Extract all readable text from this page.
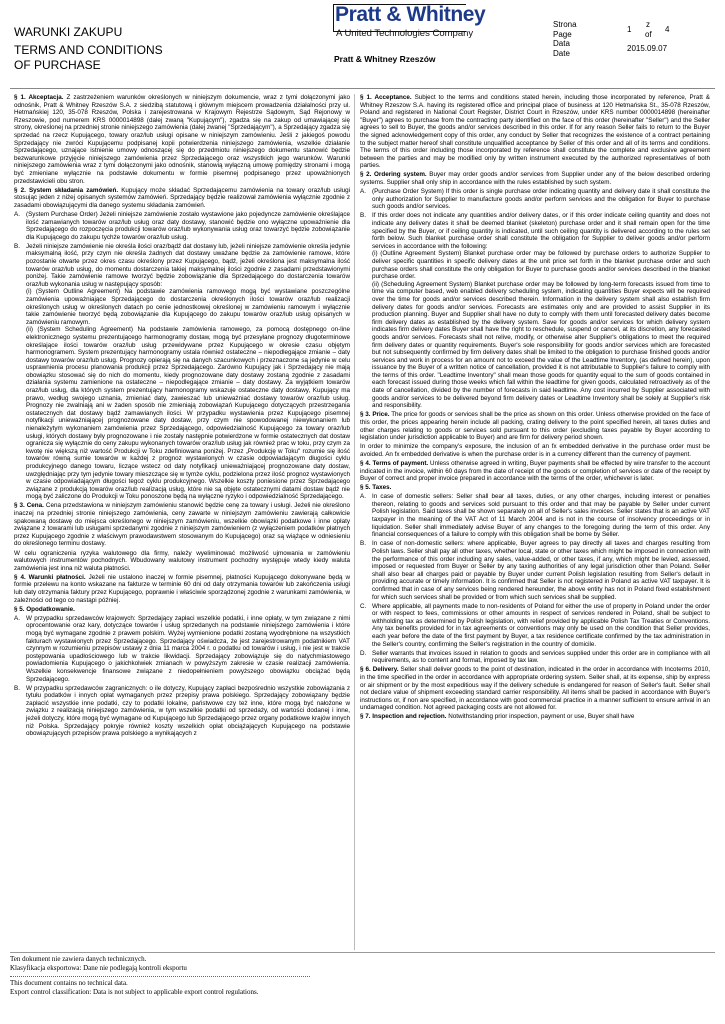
WARUNKI ZAKUPU
TERMS AND CONDITIONS
OF PURCHASE
Pratt & Whitney
A United Technologies Company
Pratt & Whitney Rzeszów
Strona	z
Page	1 of 4
Data
Date	2015.09.07

§ 1. Akceptacja. Z zastrzeżeniem warunków określonych w niniejszym dokumencie, wraz z tymi dołączonymi jako odnośnik, Pratt & Whitney Rzeszów S.A. z siedzibą statutową i głównym miejscem prowadzenia działalności przy ul. Hetmańskiej 120, 35-078 Rzeszów, Polska i zarejestrowana w Krajowym Rejestrze Sądowym, Sąd Rejonowy w Rzeszowie, pod numerem KRS 0000014898 (dalej zwaną "Kupującym"), zgadza się na zakup od umawiającej się strony, określonej na przedniej stronie niniejszego zamówienia (dalej zwanej "Sprzedającym"), a Sprzedający zgadza się sprzedać na rzecz Kupującego, towary oraz/lub usługi opisane w niniejszym zamówieniu. Jeśli z jakiegoś powodu Sprzedający nie zwróci Kupującemu podpisanej kopii potwierdzenia niniejszego zamówienia, wszelkie działanie Sprzedającego, uznające istnienie umowy odnoszącej się do przedmiotu niniejszego dokumentu stanowić będzie bezwarunkowe przyjęcie niniejszego zamówienia przez Sprzedającego oraz wszystkich jego warunków. Warunki niniejszego zamówienia wraz z tymi dołączonymi jako odnośnik, stanowią wyłączną umowę pomiędzy stronami i mogą być zmieniane wyłącznie na podstawie dokumentu w formie pisemnej podpisanego przez upoważnionych przedstawicieli obu stron.

§ 2. System składania zamówień. Kupujący może składać Sprzedającemu zamówienia na towary oraz/lub usługi stosując jeden z niżej opisanych systemów zamówień. Sprzedający będzie realizował zamówienia wyłącznie zgodnie z zasadami obowiązującymi dla danego systemu składania zamówień.

A. (System Purchase Order) Jeżeli niniejsze zamówienie zostało wystawione jako pojedyncze zamówienie określające ilość zamawianych towarów oraz/lub usług oraz daty dostawy, stanowić będzie ono wyłączne upoważnienie dla Sprzedającego do rozpoczęcia produkcji towarów oraz/lub wykonywania usług oraz towarzyć będzie zobowiązanie dla Kupującego do zakupu tychże towarów oraz/lub usług.
B. Jeżeli niniejsze zamówienie nie określa ilości oraz/bądź dat dostawy lub, jeżeli niniejsze zamówienie określa jedynie maksymalną ilość, przy czym nie określa żadnych dat dostawy uważane będzie za zamówienie ramowe, które pozostanie otwarte przez okres czasu określony przez Kupującego, bądź, jeżeli określona jest maksymalna ilość towarów oraz/lub usług, do momentu dostarczenia takiej maksymalnej ilości zgodnie z zasadami przedstawionymi poniżej. Takie zamówienie ramowe tworzyć będzie zobowiązanie dla Sprzedającego do dostarczenia towarów oraz/lub wykonania usług w następujący sposób:
(i) (System Outline Agreement) Na podstawie zamówienia ramowego mogą być wystawiane poszczególne zamówienia upoważniające Sprzedającego do dostarczenia określonych ilości towarów oraz/lub realizacji określonych usług w określonych datach po cenie jednostkowej określonej w zamówieniu ramowym i wyłącznie takie zamówienie tworzyć będą zobowiązanie dla Kupującego do zakupu towarów oraz/lub usług opisanych w zamówieniu ramowym.
(ii) (System Scheduling Agreement) Na podstawie zamówienia ramowego, za pomocą dostępnego on-line elektronicznego systemu prezentującego harmonogramy dostaw, mogą być przesyłane prognozy długoterminowe określające ilości towarów oraz/lub usług przewidywane przez Kupującego w okresie czasu objętym harmonogramem. System prezentujący harmonogramy ustala również ostateczne – niepodlegające zmianie – daty dostawy towarów oraz/lub usług. Prognozy opierają się na danych szacunkowych i przeznaczone są jedynie w celu usprawnienia procesu planowania produkcji przez Sprzedającego. Zarówno Kupujący jak i Sprzedający nie mają obowiązku stosować się do nich do momentu, kiedy prognozowane daty dostawy zostaną zgodnie z zasadami działania systemu zamienione na ostateczne – niepodlegające zmianie – daty dostawy. Za wyjątkiem towarów oraz/lub usług, dla których system prezentujący harmonogramy wskazuje ostateczne daty dostawy, Kupujący ma prawo, według swojego uznania, zmieniać daty, zawieszać lub unieważniać dostawy towarów oraz/lub usług. Prognozy nie zwalniają ani w żaden sposób nie zmieniają zobowiązań Kupującego dotyczących przestrzegania ostatecznych dat dostawy bądź zamawianych ilości. W przypadku wystawienia przez Kupującego pisemnej notyfikacji unieważniającej prognozowane daty dostaw, przy czym nie spowodowanej niewykonaniem lub nienależytym wykonaniem zamówienia przez Sprzedającego, odpowiedzialność Kupującego za towary oraz/lub usługi, których dostawy były prognozowane i nie zostały następnie potwierdzone w formie ostatecznych dat dostaw ogranicza się wyłącznie do ceny zakupu wykonanych towarów oraz/lub usług jak również prac w toku, przy czym za kwotę nie większą niż wartość Produkcji w Toku zdefiniowana poniżej. Przez „Produkcję w Toku" rozumie się ilość towarów równą sumie towarów w każdej z prognoz wystawionych w czasie odpowiadającym długości cyklu produkcyjnego danego towaru, liczące wstecz od daty notyfikacji unieważniającej prognozowane daty dostaw, uwzględniając przy tym jedynie towary mieszczące się w tymże cyklu, podzielona przez ilość prognoz wystawionych w czasie odpowiadającym długości tegoż cyklu produkcyjnego. Wszelkie koszty poniesione przez Sprzedającego związane z produkcją towarów oraz/lub realizacją usług, które nie są objęte ostatecznymi datami dostaw bądź nie mogą być zaliczone do Produkcji w Toku ponoszone będą na wyłączne ryzyko i odpowiedzialność Sprzedającego.

§ 3. Cena. Cena przedstawiona w niniejszym zamówieniu stanowić będzie cenę za towary i usługi. Jeżeli nie określono inaczej na przedniej stronie niniejszego zamówienia, ceny zawarte w niniejszym zamówieniu zawierają całkowicie spakowaną dostawę do miejsca określonego w niniejszym zamówieniu, wszelkie obowiązki podatkowe i inne opłaty związane z towarami lub usługami sprzedanymi zgodnie z niniejszym zamówieniem (z wyłączeniem podatków płatnych przez Kupującego zgodnie z właściwym prawodawstwem stosowanym do Kupującego) oraz są wiążące w odniesieniu do określonego terminu dostawy.

W celu ograniczenia ryzyka walutowego dla firmy, należy wyeliminować możliwość ujmowania w zamówieniu walutowych instrumentów pochodnych. Wbudowany walutowy instrument pochodny występuje wtedy kiedy waluta zamówienia jest inna niż waluta płatności.

§ 4. Warunki płatności. Jeżeli nie ustalono inaczej w formie pisemnej, płatności Kupującego dokonywane będą w formie przelewu na konto wskazane na fakturze w terminie 60 dni od daty otrzymania towarów lub zakończenia usługi lub daty otrzymania faktury przez Kupującego, poprawnie i właściwie sporządzonej zgodnie z warunkami zamówienia, w zależności od tego co nastąpi później.

§ 5. Opodatkowanie.

A. W przypadku sprzedawców krajowych: Sprzedający zapłaci wszelkie podatki, i inne opłaty, w tym związane z nimi oprocentowanie oraz kary, dotyczące towarów i usług sprzedanych na podstawie niniejszego zamówienia i które mogą być wymagane zgodnie z prawem polskim. Wyżej wymienione podatki zostaną wyodrębnione na wszystkich fakturach wystawionych przez Sprzedającego. Sprzedający oświadcza, że jest zarejestrowanym podatnikiem VAT czynnym w rozumieniu przepisów ustawy z dnia 11 marca 2004 r. o podatku od towarów i usług, i nie jest w trakcie postępowania upadłościowego lub w trakcie likwidacji. Sprzedający zobowiązuje się do natychmiastowego powiadomienia Kupującego o jakichkolwiek zmianach w powyższym zakresie w czasie realizacji zamówienia. Wszelkie konsekwencje finansowe związane z niedopełnieniem powyższego obowiązku obciążać będą Sprzedającego.
B. W przypadku sprzedawców zagranicznych: o ile dotyczy, Kupujący zapłaci bezpośrednio wszystkie zobowiązania z tytułu podatków i innych opłat wymaganych przez przepisy prawa polskiego. Sprzedający zobowiązany będzie zapłacić wszystkie inne podatki, czy to podatki lokalne, państwowe czy też inne, które mogą być nałożone w związku z realizacją niniejszego zamówienia, w tym wszelkie podatki od sprzedaży, od wartości dodanej i inne, jeżeli dotyczy, które mogą być wymagane od Kupującego lub Sprzedającego przez organy podatkowe krajów innych niż Polska. Sprzedający pokryje również koszty wszelkich opłat obciążających Kupującego na podstawie obowiązujących przepisów prawa polskiego a wynikających z

§ 1. Acceptance. Subject to the terms and conditions stated herein, including those incorporated by reference, Pratt & Whitney Rzeszow S.A. having its registered office and principal place of business at 120 Hetmańska St., 35-078 Rzeszów, Poland and registered in National Court Register, District Court in Rzeszów, under KRS number 0000014898 (hereinafter "Buyer") agrees to purchase from the contracting party identified on the face of this order (hereinafter "Seller") and the Seller agrees to sell to Buyer, the goods and/or services described in this order. If for any reason Seller fails to return to the Buyer the signed acknowledgement copy of this order, any conduct by Seller that recognizes the existence of a contract pertaining to the subject matter hereof shall constitute unqualified acceptance by Seller of this order and all of its terms and conditions. The terms of this order including those incorporated by reference shall constitute the complete and exclusive agreement between the parties and may be modified only by written instrument executed by the authorized representatives of both parties.

§ 2. Ordering system. Buyer may order goods and/or services from Supplier under any of the below described ordering systems. Supplier shall only ship in accordance with the rules established by such system.

A. (Purchase Order System) If this order is single purchase order indicating quantity and delivery date it shall constitute the only authorization for Supplier to manufacture goods and/or perform services and the obligation for Buyer to purchase such goods and/or services.
B. If this order does not indicate any quantities and/or delivery dates, or if this order indicate ceiling quantity and does not indicate any delivery dates it shall be deemed blanket (skeleton) purchase order and it shall remain open for the time specified by the Buyer, or if ceiling quantity is indicated, until such ceiling quantity is delivered according to the rules set forth below. Such blanket purchase order shall constitute the obligation for Supplier to deliver goods and/or perform services in accordance with the following:
(i) (Outline Agreement System) Blanket purchase order may be followed by purchase orders to authorize Supplier to deliver specific quantities in specific delivery dates at the unit price set forth in the blanket purchase order and such purchase orders shall constitute the only obligation for Buyer to purchase goods and/or services described in the blanket purchase order.
(ii) (Scheduling Agreement System) Blanket purchase order may be followed by long-term forecasts issued from time to time via computer based, web enabled delivery scheduling system, indicating quantities Buyer expects will be required over the time for goods and/or services described therein. Information in the delivery system shall also establish firm delivery dates for goods and/or services. Forecasts are estimates only and are provided to assist Supplier in its production planning. Buyer and Supplier shall have no duty to comply with them until forecasted delivery dates become firm delivery dates as established by the delivery system. Save for goods and/or services for which delivery system indicates firm delivery dates Buyer shall have the right to reschedule, suspend or cancel, at its discretion, any forecasted goods and/or services. Forecasts shall not relive, modify, or otherwise alter Supplier's obligations to meet the required firm delivery dates or quantity requirements. Buyer's sole responsibility for goods and/or services which are forecasted but not subsequently confirmed by firm delivery dates shall be limited to the obligation to purchase finished goods and/or services and work in process for an amount not to exceed the value of the Leadtime Inventory, (as defined herein), upon issuance by the Buyer of a written notice of cancellation, provided it is not attributable to Supplier's failure to comply with the terms of this order. "Leadtime Inventory" shall mean those goods for quantity equal to the sum of goods contained in each forecast issued during those weeks which fall within the leadtime for given goods, calculated retroactively as of the date of cancellation, divided by the number of forecasts in said leadtime. Any cost incurred by Supplier associated with goods and/or services to be delivered beyond firm delivery dates or Leadtime Inventory shall be solely at Supplier's risk and responsibility.

§ 3. Price. The price for goods or services shall be the price as shown on this order. Unless otherwise provided on the face of this order, the prices appearing herein include all packing, crating delivery to the point specified herein, all taxes duties and other charges relating to goods or services sold pursuant to this order (excluding taxes payable by Buyer according to legislation under jurisdiction applicable to Buyer) and are firm for delivery period shown.

In order to minimize the company's exposure, the inclusion of an fx embedded derivative in the purchase order must be avoided. An fx embedded derivative is when the purchase order is in a currency different than the currency of payment.

§ 4. Terms of payment. Unless otherwise agreed in writing, Buyer payments shall be effected by wire transfer to the account indicated in the invoice, within 60 days from the date of receipt of the goods or completion of services or date of the receipt by Buyer of correct and proper invoice prepared in accordance with the terms of the order, whichever is later.

§ 5. Taxes.

A. In case of domestic sellers: Seller shall bear all taxes, duties, or any other charges, including interest or penalties thereon, relating to goods and services sold pursuant to this order and that may be payable by Seller under current Polish legislation. Said taxes shall be shown separately on all of Seller's sales invoices. Seller states that is an active VAT taxpayer in the meaning of the VAT Act of 11 March 2004 and is not in the course of insolvency proceedings or in liquidation. Seller shall immediately advise Buyer of any changes to the foregoing during the term of this order. Any financial consequences of a failure to comply with this obligation shall be borne by Seller.
B. In case of non-domestic sellers: where applicable, Buyer agrees to pay directly all taxes and charges resulting from Polish laws. Seller shall pay all other taxes, whether local, state or other taxes which might be imposed in connection with the performance of this order including any sales, value-added, or other taxes, if any, which might be levied, assessed, imposed or requested from Buyer or Seller by any taxing authorities of any legal jurisdiction other than Poland. Seller shall also bear all charges paid or payable by Buyer under current Polish legislation resulting from Seller's default in providing accurate or timely information. It is confirmed that Seller is not registered in Poland as active VAT taxpayer. It is confirmed that in case of any services being rendered hereunder, the above entity has not in Poland fixed establishment for which such services shall be provided or from which such services shall be supplied.
C. Where applicable, all payments made to non-residents of Poland for either the use of property in Poland under the order or with respect to fees, commissions or other amounts in respect of services rendered in Poland, shall be subject to withholding tax as determined by Polish legislation, with relief provided by applicable Polish Tax Treaties or Conventions. Any tax benefits provided for in tax agreements or conventions may only be used on the condition that Seller provides, each year before the date of the first payment by Buyer, a tax residence certificate confirmed by the tax administration in the Seller's country, confirming the Seller's registration in the country of domicile.
D. Seller warrants that invoices issued in relation to goods and services supplied under this order are in compliance with all requirements, as to content and format, imposed by tax law.

§ 6. Delivery. Seller shall deliver goods to the point of destination, indicated in the order in accordance with Incoterms 2010, in the time specified in the order in accordance with appropriate ordering system. Seller shall, at its expense, ship by express or air shipment or by the most expeditious way if the delivery schedule is endangered for reason of Seller's fault. Seller shall not declare value of shipment exceeding standard carrier responsibility. All items shall be packed in accordance with Buyer's instructions or, if non are specified, in accordance with good commercial practice in a manner sufficient to ensure arrival in an undamaged condition. Not agreed packaging costs are not allowed for.

§ 7. Inspection and rejection. Notwithstanding prior inspection, payment or use, Buyer shall have

Ten dokument nie zawiera danych technicznych.
Klasyfikacja eksportowa: Dane nie podlegają kontroli eksportu
This document contains no technical data.
Export control classification: Data is not subject to applicable export control regulations.
